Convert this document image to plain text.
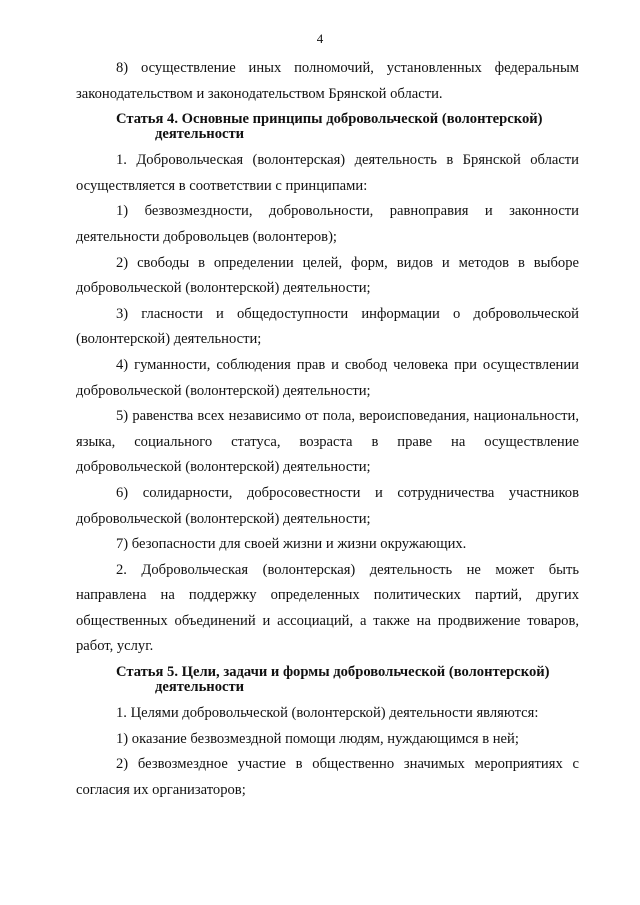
4

8) осуществление иных полномочий, установленных федеральным законодательством и законодательством Брянской области.

Статья 4. Основные принципы добровольческой (волонтерской)
деятельности

1. Добровольческая (волонтерская) деятельность в Брянской области осуществляется в соответствии с принципами:

1) безвозмездности, добровольности, равноправия и законности деятельности добровольцев (волонтеров);

2) свободы в определении целей, форм, видов и методов в выборе добровольческой (волонтерской) деятельности;

3) гласности и общедоступности информации о добровольческой (волонтерской) деятельности;

4) гуманности, соблюдения прав и свобод человека при осуществлении добровольческой (волонтерской) деятельности;

5) равенства всех независимо от пола, вероисповедания, национальности, языка, социального статуса, возраста в праве на осуществление добровольческой (волонтерской) деятельности;

6) солидарности, добросовестности и сотрудничества участников добровольческой (волонтерской) деятельности;

7) безопасности для своей жизни и жизни окружающих.

2. Добровольческая (волонтерская) деятельность не может быть направлена на поддержку определенных политических партий, других общественных объединений и ассоциаций, а также на продвижение товаров, работ, услуг.

Статья 5. Цели, задачи и формы добровольческой (волонтерской)
деятельности

1. Целями добровольческой (волонтерской) деятельности являются:

1) оказание безвозмездной помощи людям, нуждающимся в ней;

2) безвозмездное участие в общественно значимых мероприятиях с согласия их организаторов;
